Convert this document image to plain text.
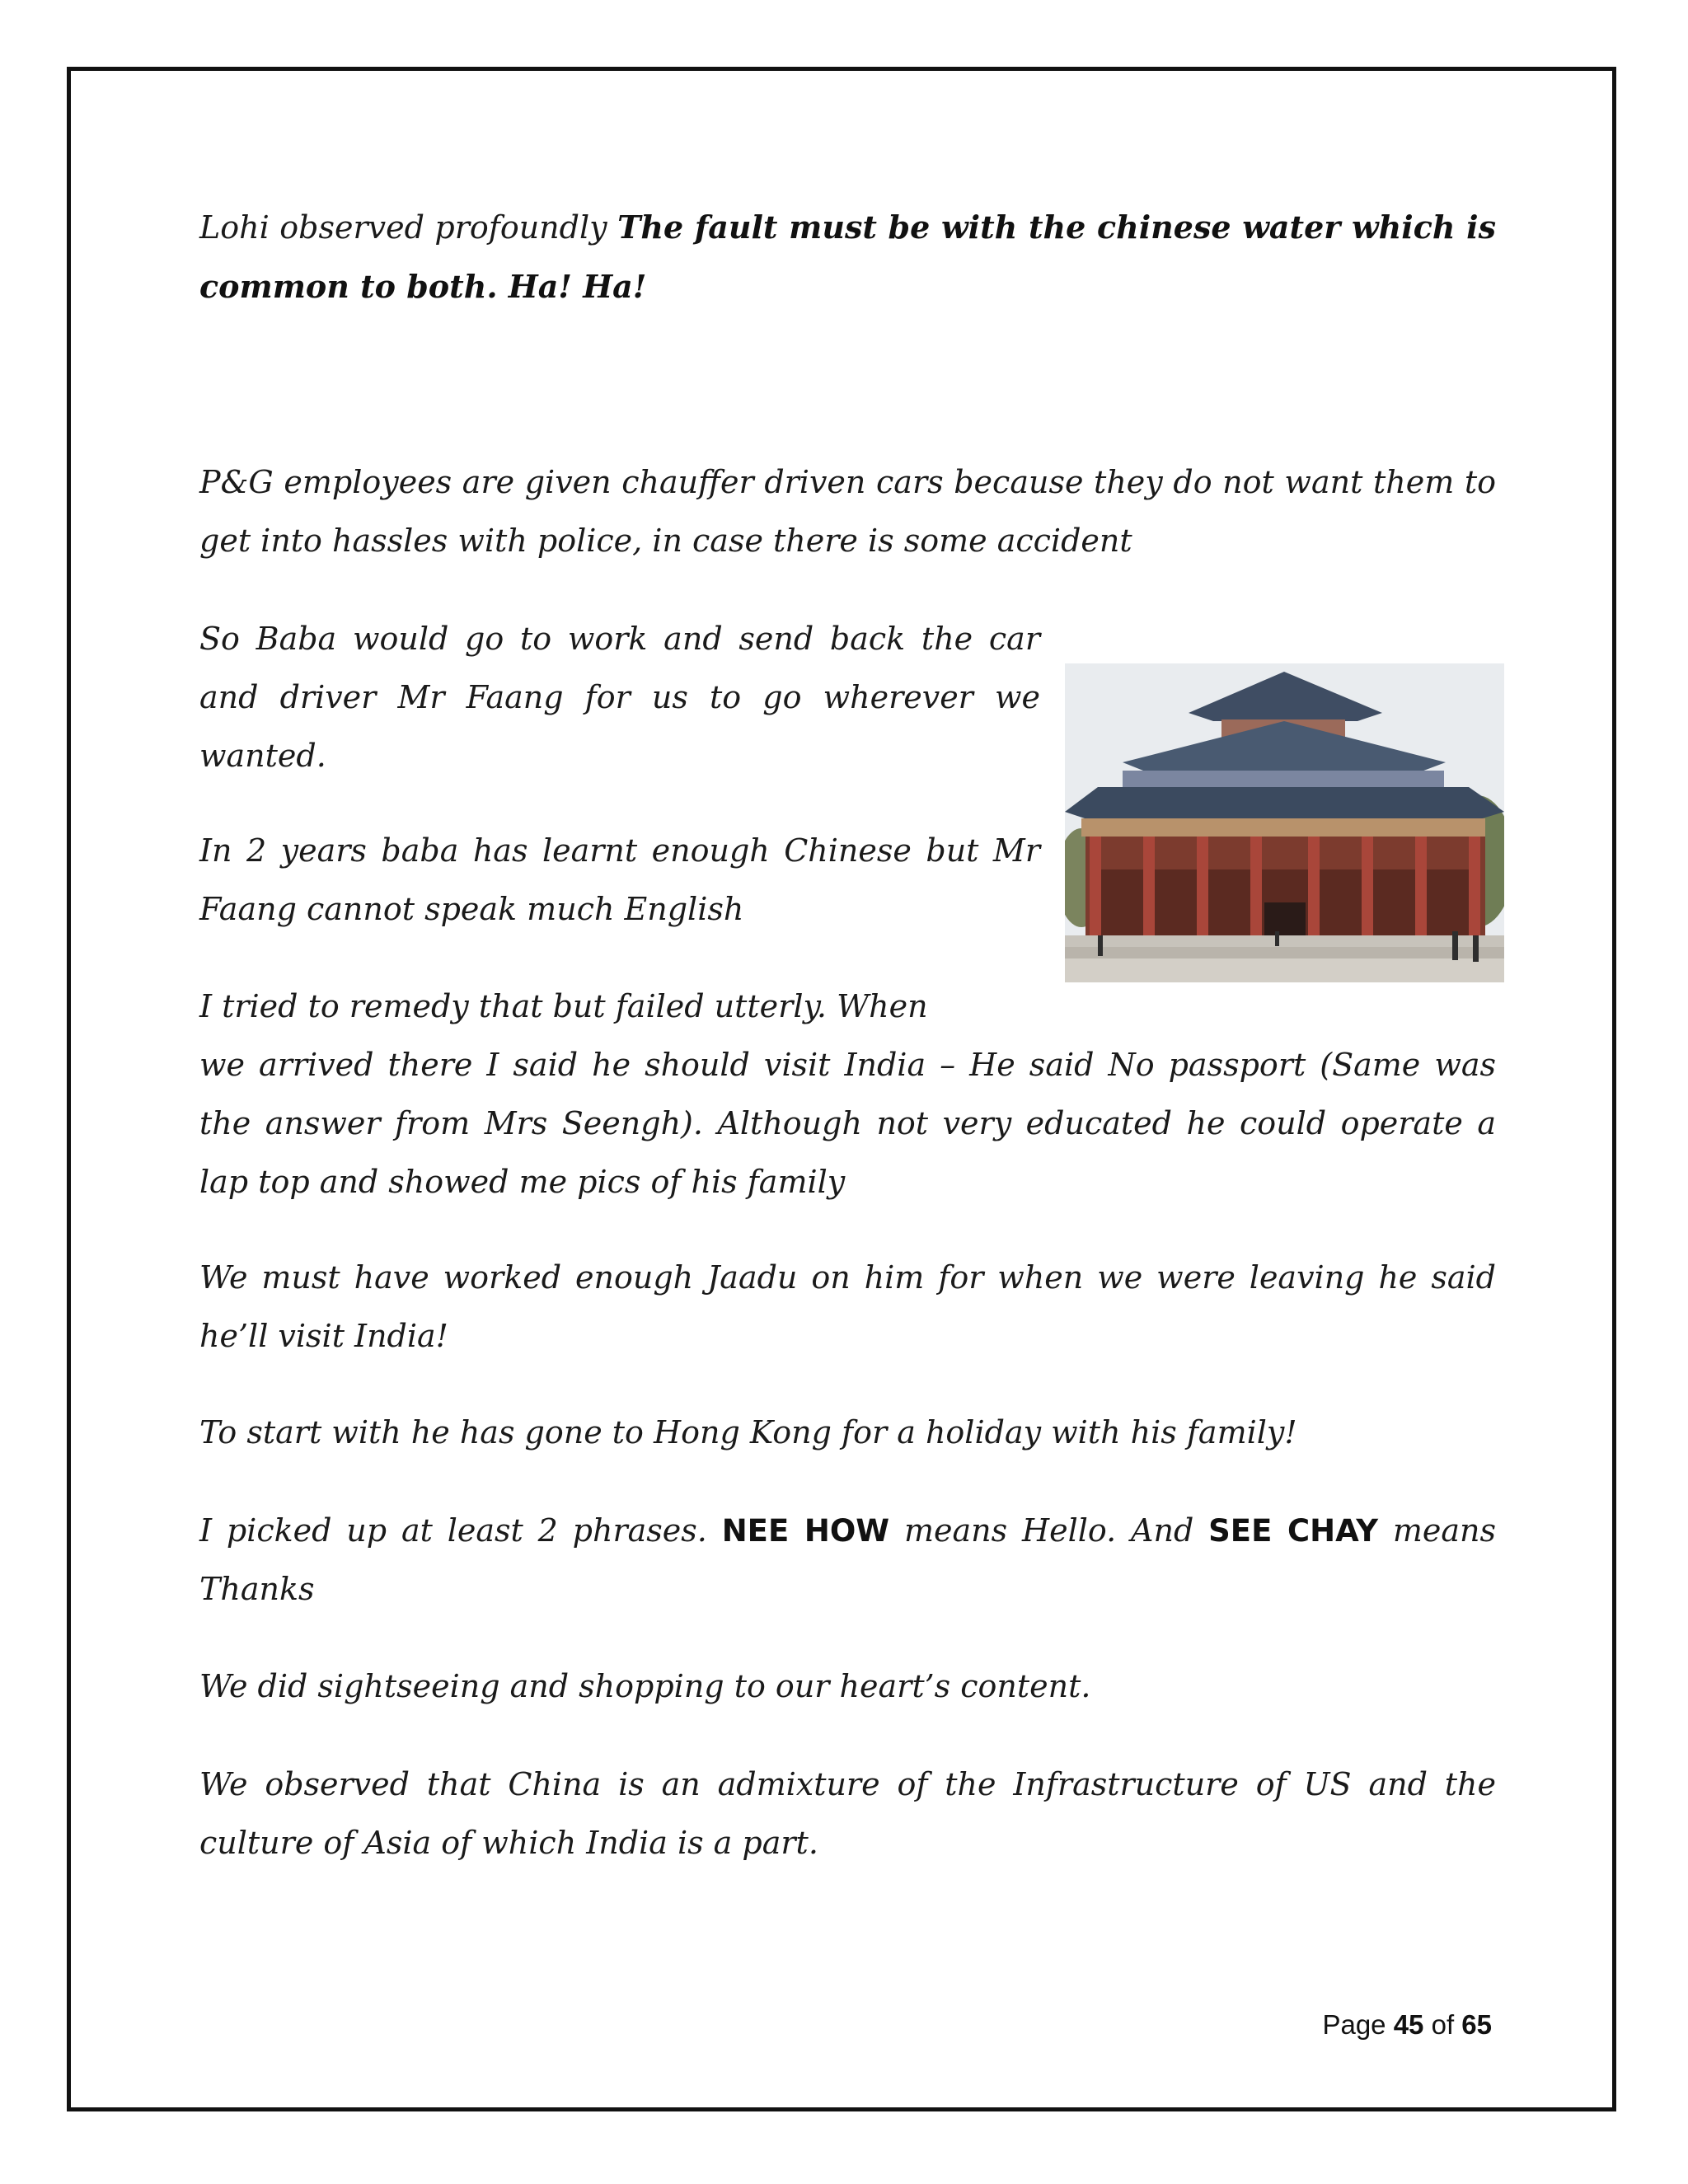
Lohi observed profoundly The fault must be with the chinese water which is common to both. Ha! Ha!

P&G employees are given chauffer driven cars because they do not want them to get into hassles with police, in case there is some accident

So Baba would go to work and send back the car and driver Mr Faang for us to go wherever we wanted.

In 2 years baba has learnt enough Chinese but Mr Faang cannot speak much English

I tried to remedy that but failed utterly. When

we arrived there I said he should visit India – He said No passport (Same was the answer from Mrs Seengh). Although not very educated he could operate a lap top and showed me pics of his family

We must have worked enough Jaadu on him for when we were leaving he said he’ll visit India!

To start with he has gone to Hong Kong for a holiday with his family!

I picked up at least 2 phrases. NEE HOW means Hello. And SEE CHAY means Thanks

We did sightseeing and shopping to our heart’s content.

We observed that China is an admixture of the Infrastructure of US and the culture of Asia of which India is a part.

Page 45 of 65
